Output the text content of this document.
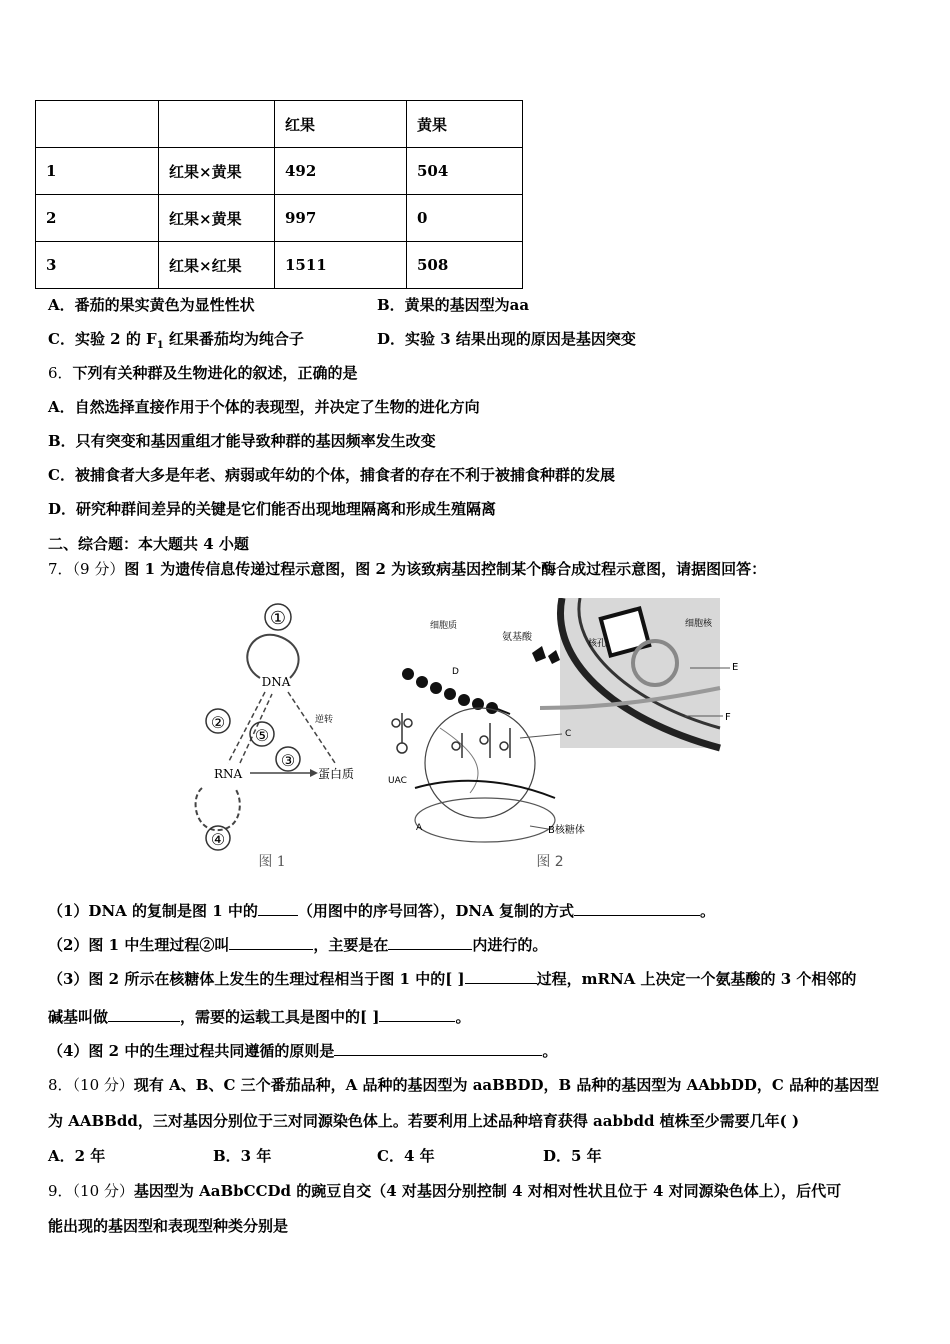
		红果	黄果
1	红果×黄果	492	504
2	红果×黄果	997	0
3	红果×红果	1511	508
A．番茄的果实黄色为显性性状	B．黄果的基因型为aa
C．实验 2 的 $F_1$ 红果番茄均为纯合子	D．实验 3 结果出现的原因是基因突变
6．下列有关种群及生物进化的叙述，正确的是
A．自然选择直接作用于个体的表现型，并决定了生物的进化方向
B．只有突变和基因重组才能导致种群的基因频率发生改变
C．被捕食者大多是年老、病弱或年幼的个体，捕食者的存在不利于被捕食种群的发展
D．研究种群间差异的关键是它们能否出现地理隔离和形成生殖隔离
二、综合题：本大题共 4 小题
7．（9 分）图 1 为遗传信息传递过程示意图，图 2 为该致病基因控制某个酶合成过程示意图，请据图回答：
①
DNA
②
⑤
③
逆转
RNA	蛋白质
④
图 1
细胞核
核孔
E
F
细胞质
氨基酸
D
UAC
C
A	B核糖体
图 2
（1）DNA 的复制是图 1 中的	（用图中的序号回答），DNA 复制的方式	。
（2）图 1 中生理过程②叫	，主要是在	内进行的。
（3）图 2 所示在核糖体上发生的生理过程相当于图 1 中的[ ]	过程，mRNA 上决定一个氨基酸的 3 个相邻的
碱基叫做	，需要的运载工具是图中的[ ]	。
（4）图 2 中的生理过程共同遵循的原则是	。
8．（10 分）现有 A、B、C 三个番茄品种，A 品种的基因型为 aaBBDD，B 品种的基因型为 AAbbDD，C 品种的基因型
为 AABBdd，三对基因分别位于三对同源染色体上。若要利用上述品种培育获得 aabbdd 植株至少需要几年( )
A．2 年	B．3 年	C．4 年	D．5 年
9．（10 分）基因型为 AaBbCCDd 的豌豆自交（4 对基因分别控制 4 对相对性状且位于 4 对同源染色体上），后代可
能出现的基因型和表现型种类分别是
